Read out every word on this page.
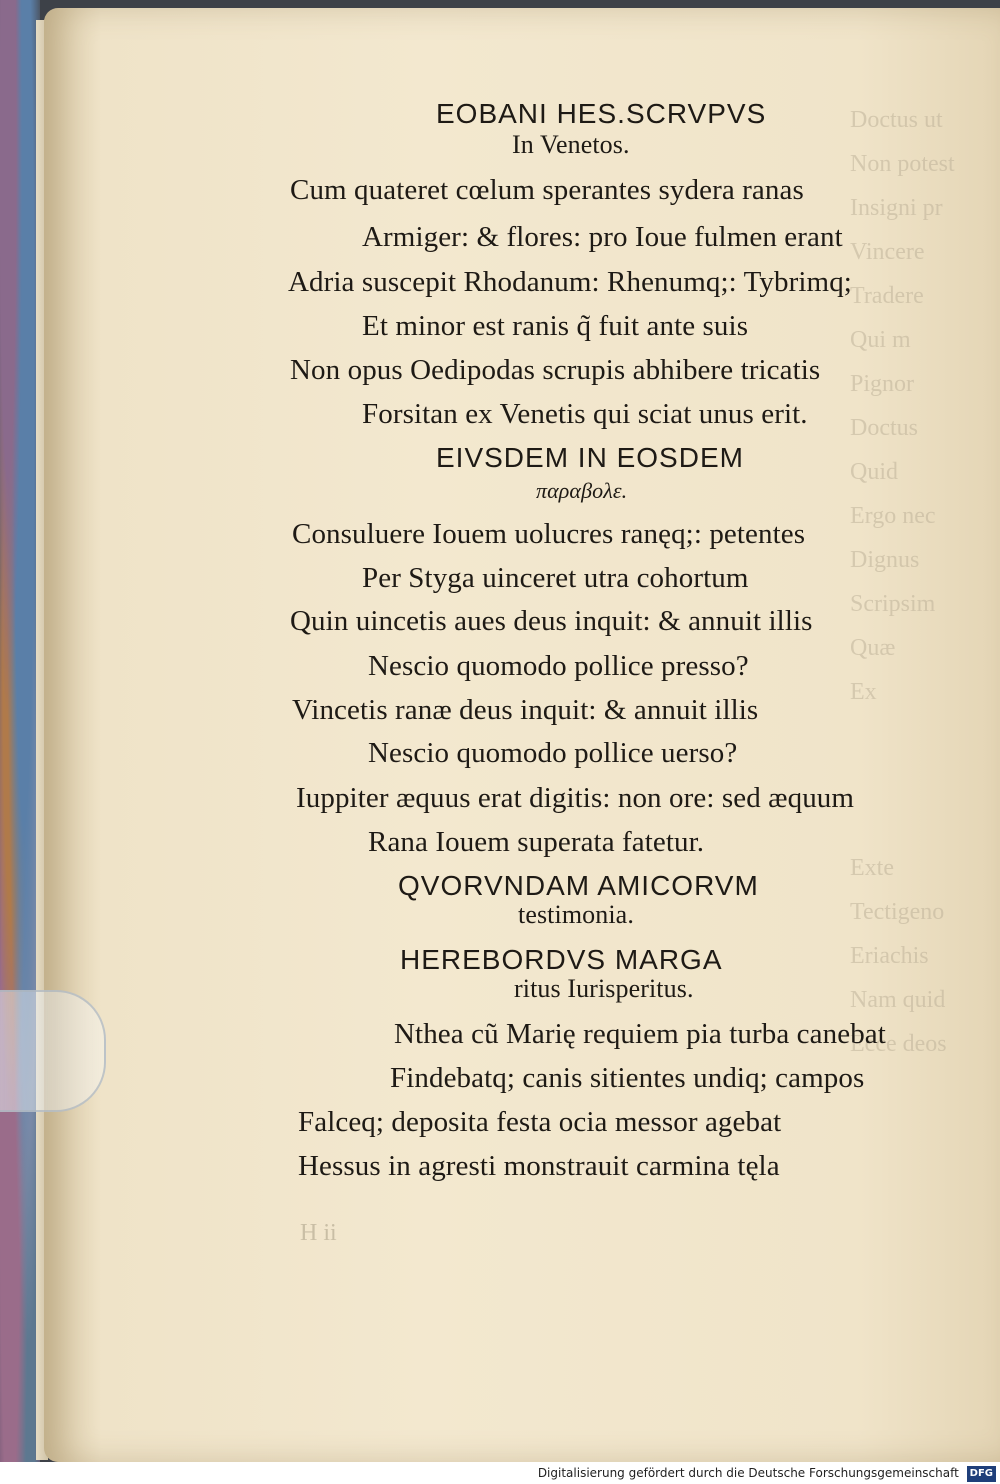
Doctus ut
Non potest
Insigni pr
Vincere
Tradere
Qui m
Pignor
Doctus
Quid
Ergo nec
Dignus
Scripsim
Quæ
Ex
Exte
Tectigeno
Eriachis
Nam quid
Ecce deos
EOBANI HES.SCRVPVS
In Venetos.
Cum quateret cœlum sperantes sydera ranas
Armiger: & flores: pro Ioue fulmen erant
Adria suscepit Rhodanum: Rhenumq;: Tybrimq;
Et minor est ranis q̃ fuit ante suis
Non opus Oedipodas scrupis abhibere tricatis
Forsitan ex Venetis qui sciat unus erit.
EIVSDEM IN EOSDEM
παραβολε.
Consuluere Iouem uolucres ranęq;: petentes
Per Styga uinceret utra cohortum
Quin uincetis aues deus inquit: & annuit illis
Nescio quomodo pollice presso?
Vincetis ranæ deus inquit: & annuit illis
Nescio quomodo pollice uerso?
Iuppiter æquus erat digitis: non ore: sed æquum
Rana Iouem superata fatetur.
QVORVNDAM AMICORVM
testimonia.
HEREBORDVS MARGA
ritus Iurisperitus.
Nthea cũ Marię requiem pia turba canebat
Findebatq; canis sitientes undiq; campos
Falceq; deposita festa ocia messor agebat
Hessus in agresti monstrauit carmina tęla
H ii
Digitalisierung gefördert durch die Deutsche Forschungsgemeinschaft DFG
